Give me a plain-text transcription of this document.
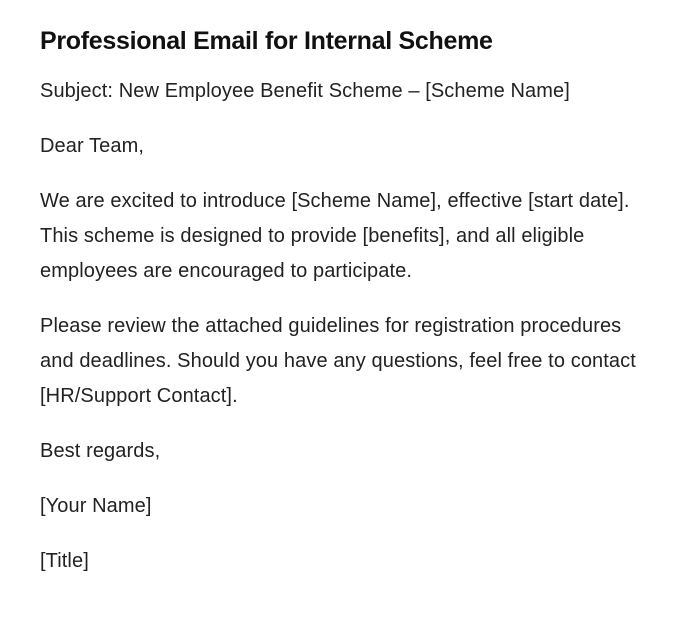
Professional Email for Internal Scheme

Subject: New Employee Benefit Scheme – [Scheme Name]

Dear Team,

We are excited to introduce [Scheme Name], effective [start date]. This scheme is designed to provide [benefits], and all eligible employees are encouraged to participate.

Please review the attached guidelines for registration procedures and deadlines. Should you have any questions, feel free to contact [HR/Support Contact].

Best regards,

[Your Name]

[Title]
